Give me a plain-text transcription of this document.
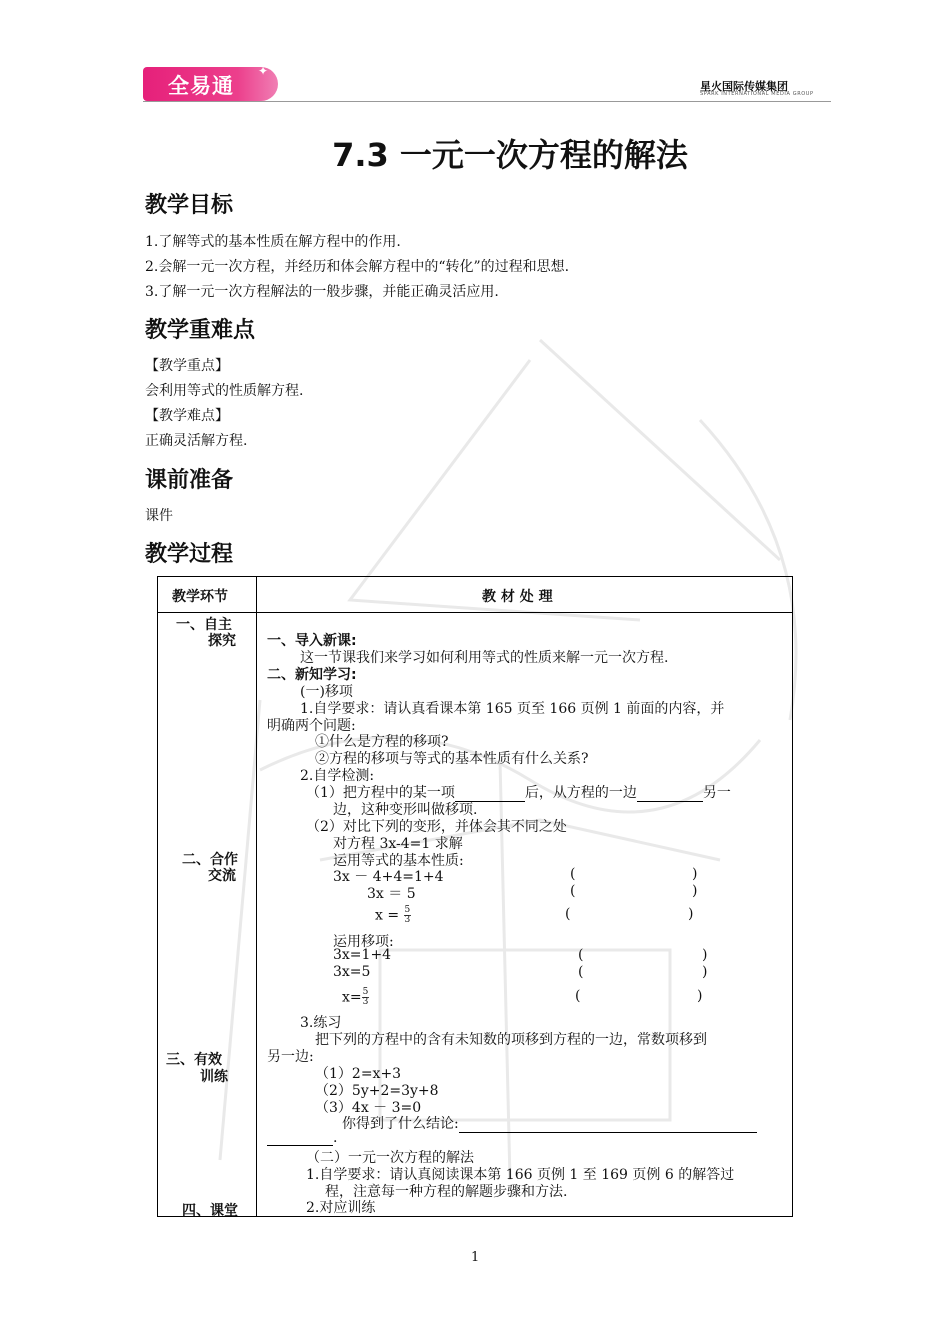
全易通
✦
星火国际传媒集团
SPARK INTERNATIONAL MEDIA GROUP
7.3 一元一次方程的解法
教学目标
1.了解等式的基本性质在解方程中的作用.
2.会解一元一次方程，并经历和体会解方程中的“转化”的过程和思想.
3.了解一元一次方程解法的一般步骤，并能正确灵活应用.
教学重难点
【教学重点】
会利用等式的性质解方程.
【教学难点】
正确灵活解方程.
课前准备
课件
教学过程
教学环节	教 材 处 理
一、自主
探究
二、合作
交流
三、有效
训练
四、课堂
一、导入新课:
这一节课我们来学习如何利用等式的性质来解一元一次方程.
二、新知学习:
(一)移项
1.自学要求：请认真看课本第 165 页至 166 页例 1 前面的内容，并
明确两个问题:
①什么是方程的移项?
②方程的移项与等式的基本性质有什么关系?
2.自学检测:
（1）把方程中的某一项	后，从方程的一边	另一
边，这种变形叫做移项.
（2）对比下列的变形，并体会其不同之处
对方程 3x-4=1 求解
运用等式的基本性质:
3x － 4+4=1+4	(	)
3x ＝ 5	(	)
$x = \frac{5}{3}$	(	)
运用移项:
3x=1+4	(	)
3x=5	(	)
$x= \frac{5}{3}$	(	)
3.练习
把下列的方程中的含有未知数的项移到方程的一边，常数项移到
另一边:
（1）2=x+3
（2）5y+2=3y+8
（3）4x － 3=0
你得到了什么结论:
.
（二）一元一次方程的解法
1.自学要求：请认真阅读课本第 166 页例 1 至 169 页例 6 的解答过
程，注意每一种方程的解题步骤和方法.
2.对应训练
1
